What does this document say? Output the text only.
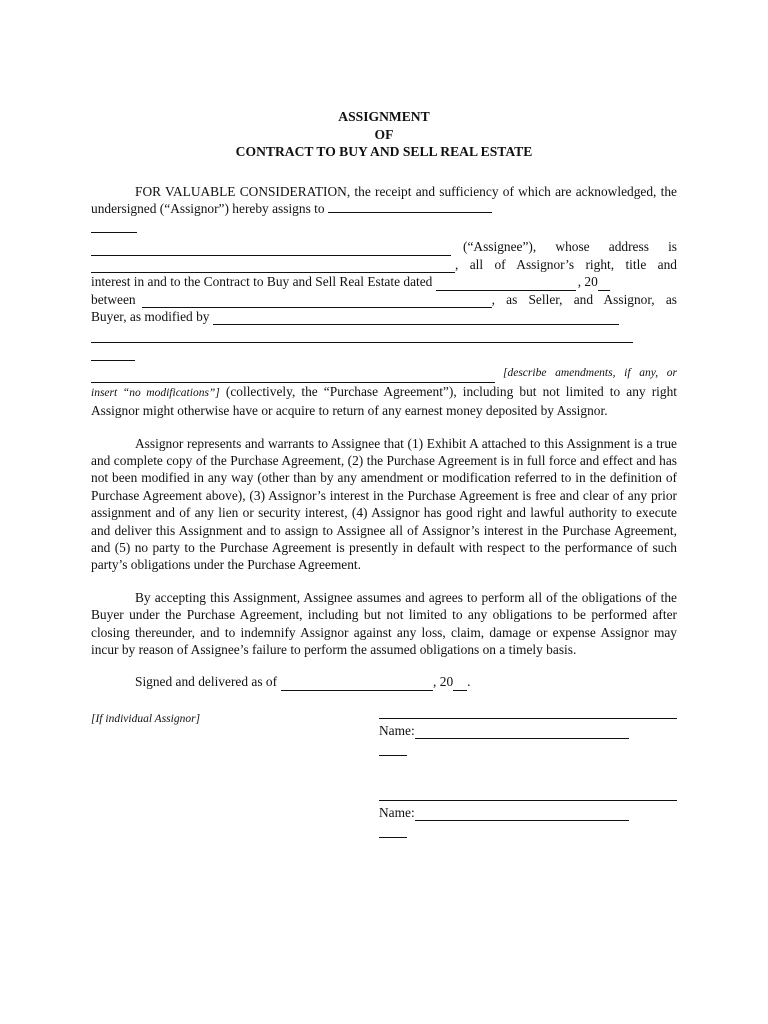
ASSIGNMENT
OF
CONTRACT TO BUY AND SELL REAL ESTATE

FOR VALUABLE CONSIDERATION, the receipt and sufficiency of which are acknowledged, the undersigned (“Assignor”) hereby assigns to

(“Assignee”), whose address is
, all of Assignor’s right, title and
interest in and to the Contract to Buy and Sell Real Estate dated	, 20
between	, as Seller, and Assignor, as
Buyer, as modified by
[describe amendments, if any, or

insert “no modifications”] (collectively, the “Purchase Agreement”), including but not limited to any right Assignor might otherwise have or acquire to return of any earnest money deposited by Assignor.

Assignor represents and warrants to Assignee that (1) Exhibit A attached to this Assignment is a true and complete copy of the Purchase Agreement, (2) the Purchase Agreement is in full force and effect and has not been modified in any way (other than by any amendment or modification referred to in the definition of Purchase Agreement above), (3) Assignor’s interest in the Purchase Agreement is free and clear of any prior assignment and of any lien or security interest, (4) Assignor has good right and lawful authority to execute and deliver this Assignment and to assign to Assignee all of Assignor’s interest in the Purchase Agreement, and (5) no party to the Purchase Agreement is presently in default with respect to the performance of such party’s obligations under the Purchase Agreement.

By accepting this Assignment, Assignee assumes and agrees to perform all of the obligations of the Buyer under the Purchase Agreement, including but not limited to any obligations to be performed after closing thereunder, and to indemnify Assignor against any loss, claim, damage or expense Assignor may incur by reason of Assignee’s failure to perform the assumed obligations on a timely basis.

Signed and delivered as of	, 20 .
[If individual Assignor]
Name:
Name:
